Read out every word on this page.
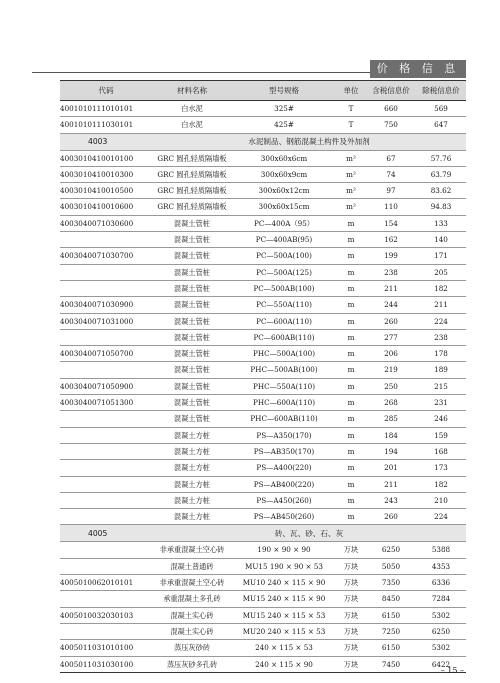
价 格 信 息
代码	材料名称	型号规格	单位	含税信息价	除税信息价
4001010111010101	白水泥	325#	T	660	569
4001010111030101	白水泥	425#	T	750	647
4003	水泥制品、钢筋混凝土构件及外加剂				
4003010410010100	GRC 圆孔轻质隔墙板	300x60x6cm	m²	67	57.76
4003010410010300	GRC 圆孔轻质隔墙板	300x60x9cm	m²	74	63.79
4003010410010500	GRC 圆孔轻质隔墙板	300x60x12cm	m²	97	83.62
4003010410010600	GRC 圆孔轻质隔墙板	300x60x15cm	m²	110	94.83
4003040071030600	混凝土管桩	PC—400A（95）	m	154	133
	混凝土管桩	PC—400AB(95)	m	162	140
4003040071030700	混凝土管桩	PC—500A(100)	m	199	171
	混凝土管桩	PC—500A(125)	m	238	205
	混凝土管桩	PC—500AB(100)	m	211	182
4003040071030900	混凝土管桩	PC—550A(110)	m	244	211
4003040071031000	混凝土管桩	PC—600A(110)	m	260	224
	混凝土管桩	PC—600AB(110)	m	277	238
4003040071050700	混凝土管桩	PHC—500A(100)	m	206	178
	混凝土管桩	PHC—500AB(100)	m	219	189
4003040071050900	混凝土管桩	PHC—550A(110)	m	250	215
4003040071051300	混凝土管桩	PHC—600A(110)	m	268	231
	混凝土管桩	PHC—600AB(110)	m	285	246
	混凝土方桩	PS—A350(170)	m	184	159
	混凝土方桩	PS—AB350(170)	m	194	168
	混凝土方桩	PS—A400(220)	m	201	173
	混凝土方桩	PS—AB400(220)	m	211	182
	混凝土方桩	PS—A450(260)	m	243	210
	混凝土方桩	PS—AB450(260)	m	260	224
4005	砖、瓦、砂、石、灰				
	非承重混凝土空心砖	190 × 90 × 90	万块	6250	5388
	混凝土普通砖	MU15 190 × 90 × 53	万块	5050	4353
4005010062010101	非承重混凝土空心砖	MU10 240 × 115 × 90	万块	7350	6336
	承重混凝土多孔砖	MU15 240 × 115 × 90	万块	8450	7284
4005010032030103	混凝土实心砖	MU15 240 × 115 × 53	万块	6150	5302
	混凝土实心砖	MU20 240 × 115 × 53	万块	7250	6250
4005011031010100	蒸压灰砂砖	240 × 115 × 53	万块	6150	5302
4005011031030100	蒸压灰砂多孔砖	240 × 115 × 90	万块	7450	6422
– 15 –
